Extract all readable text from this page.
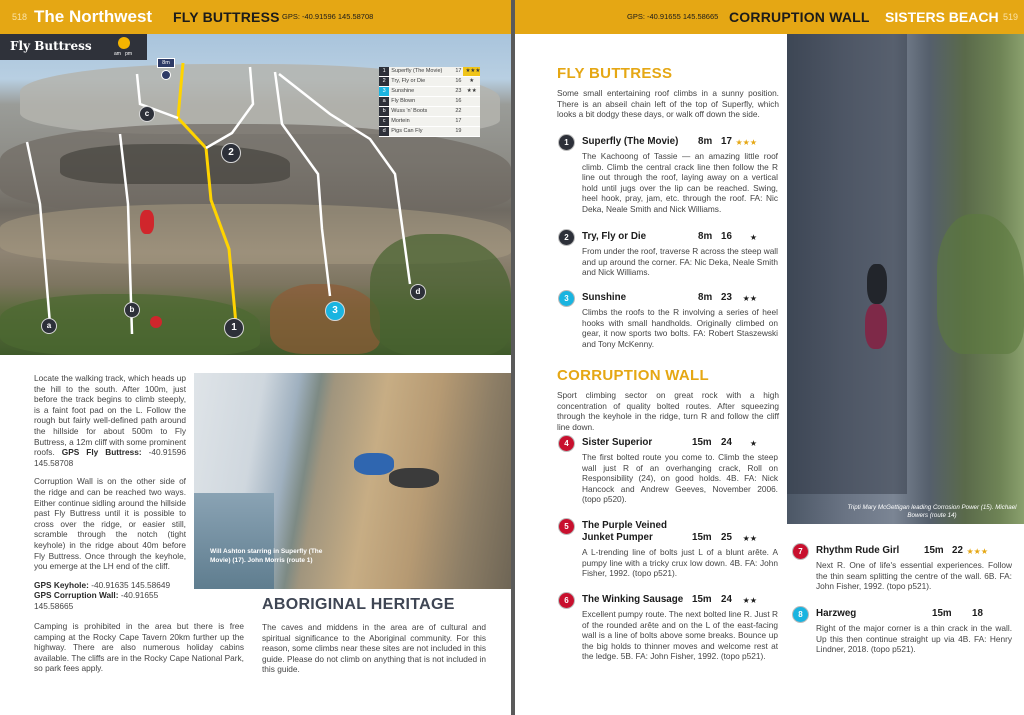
518 The Northwest FLY BUTTRESS GPS: -40.91596 145.58708
Fly Buttress
am   pm
8m
a
b
c
1
2
3
d
1	Superfly (The Movie)	17	★★★
2	Try, Fly or Die	16	★
3	Sunshine	23	★★
a	Fly Blown	16	
b	Wuss 'n' Boots	22	
c	Mortein	17	
d	Pigs Can Fly	19	

Locate the walking track, which heads up the hill to the south. After 100m, just before the track begins to climb steeply, is a faint foot pad on the L. Follow the rough but fairly well-defined path around the hillside for about 500m to Fly Buttress, a 12m cliff with some prominent roofs. GPS Fly Buttress: -40.91596 145.58708

Corruption Wall is on the other side of the ridge and can be reached two ways. Either continue sidling around the hillside past Fly Buttress until it is possible to cross over the ridge, or easier still, scramble through the notch (tight keyhole) in the ridge about 40m before Fly Buttress. Once through the keyhole, you emerge at the LH end of the cliff.

GPS Keyhole: -40.91635 145.58649
GPS Corruption Wall: -40.91655 145.58665

Will Ashton starring in Superfly (The Movie) (17). John Morris (route 1)
Camping is prohibited in the area but there is free camping at the Rocky Cape Tavern 20km further up the highway. There are also numerous holiday cabins available. The cliffs are in the Rocky Cape National Park, so park fees apply.
ABORIGINAL HERITAGE
The caves and middens in the area are of cultural and spiritual significance to the Aboriginal community. For this reason, some climbs near these sites are not included in this guide. Please do not climb on anything that is not included in this guide.
GPS: -40.91655 145.58665 CORRUPTION WALL SISTERS BEACH 519
FLY BUTTRESS
Some small entertaining roof climbs in a sunny position. There is an abseil chain left of the top of Superfly, which looks a bit dodgy these days, or walk off down the side.
1	Superfly (The Movie) 8m 17 ★★★
The Kachoong of Tassie — an amazing little roof climb. Climb the central crack line then follow the R line out through the roof, laying away on a vertical hold until jugs over the lip can be reached. Swing, heel hook, pray, jam, etc. through the roof. FA: Nic Deka, Neale Smith and Nick Williams.
2	Try, Fly or Die	8m 16	★
From under the roof, traverse R across the steep wall and up around the corner. FA: Nic Deka, Neale Smith and Nick Williams.
3	Sunshine	8m 23	★★
Climbs the roofs to the R involving a series of heel hooks with small handholds. Originally climbed on gear, it now sports two bolts. FA: Robert Staszewski and Tony McKenny.
CORRUPTION WALL
Sport climbing sector on great rock with a high concentration of quality bolted routes. After squeezing through the keyhole in the ridge, turn R and follow the cliff line down.
4	Sister Superior	15m 24	★
The first bolted route you come to. Climb the steep wall just R of an overhanging crack, Roll on Responsibility (24), on good holds. 4B. FA: Nick Hancock and Andrew Geeves, November 2006. (topo p520).
5	The Purple Veined
Junket Pumper	15m 25	★★
A L-trending line of bolts just L of a blunt arête. A pumpy line with a tricky crux low down. 4B. FA: John Fisher, 1992. (topo p521).
6	The Winking Sausage 15m 24	★★
Excellent pumpy route. The next bolted line R. Just R of the rounded arête and on the L of the east-facing wall is a line of bolts above some breaks. Bounce up the big holds to thinner moves and welcome rest at the ledge. 5B. FA: John Fisher, 1992. (topo p521).
Tripti Mary McGettigan leading Corrosion Power (15). Michael Bowers (route 14)
7	Rhythm Rude Girl	15m 22 ★★★
Next R. One of life's essential experiences. Follow the thin seam splitting the centre of the wall. 6B. FA: John Fisher, 1992. (topo p521).
8	Harzweg	15m 18
Right of the major corner is a thin crack in the wall. Up this then continue straight up via 4B. FA: Henry Lindner, 2018. (topo p521).
